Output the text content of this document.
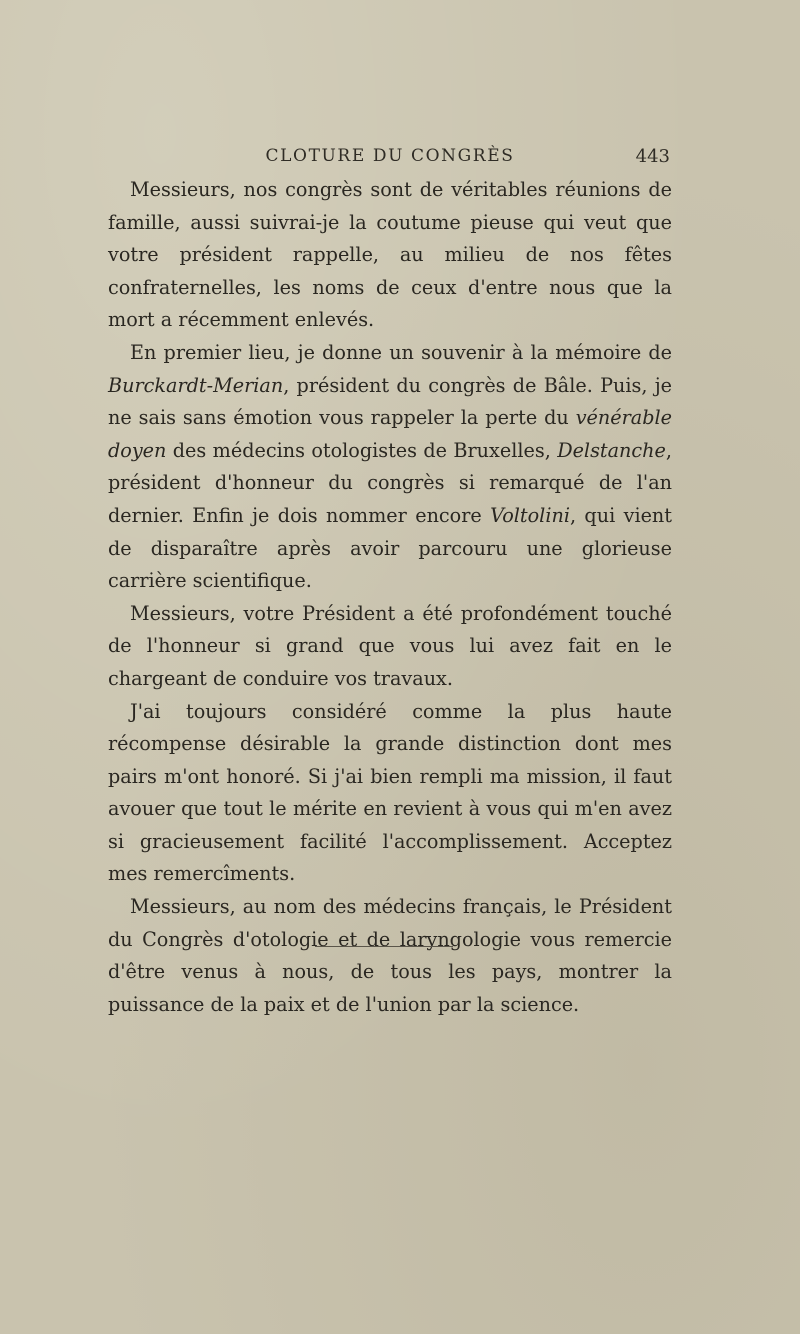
CLOTURE DU CONGRÈS	443

Messieurs, nos congrès sont de véritables réunions de famille, aussi suivrai-je la coutume pieuse qui veut que votre président rappelle, au milieu de nos fêtes confraternelles, les noms de ceux d'entre nous que la mort a récemment enlevés.

En premier lieu, je donne un souvenir à la mémoire de Burckardt-Merian, président du congrès de Bâle. Puis, je ne sais sans émotion vous rappeler la perte du vénérable doyen des médecins otologistes de Bruxelles, Delstanche, président d'honneur du congrès si remarqué de l'an dernier. Enfin je dois nommer encore Voltolini, qui vient de disparaître après avoir parcouru une glorieuse carrière scientifique.

Messieurs, votre Président a été profondément touché de l'honneur si grand que vous lui avez fait en le chargeant de conduire vos travaux.

J'ai toujours considéré comme la plus haute récompense désirable la grande distinction dont mes pairs m'ont honoré. Si j'ai bien rempli ma mission, il faut avouer que tout le mérite en revient à vous qui m'en avez si gracieusement facilité l'accomplissement. Acceptez mes remercîments.

Messieurs, au nom des médecins français, le Président du Congrès d'otologie et de laryngologie vous remercie d'être venus à nous, de tous les pays, montrer la puissance de la paix et de l'union par la science.
